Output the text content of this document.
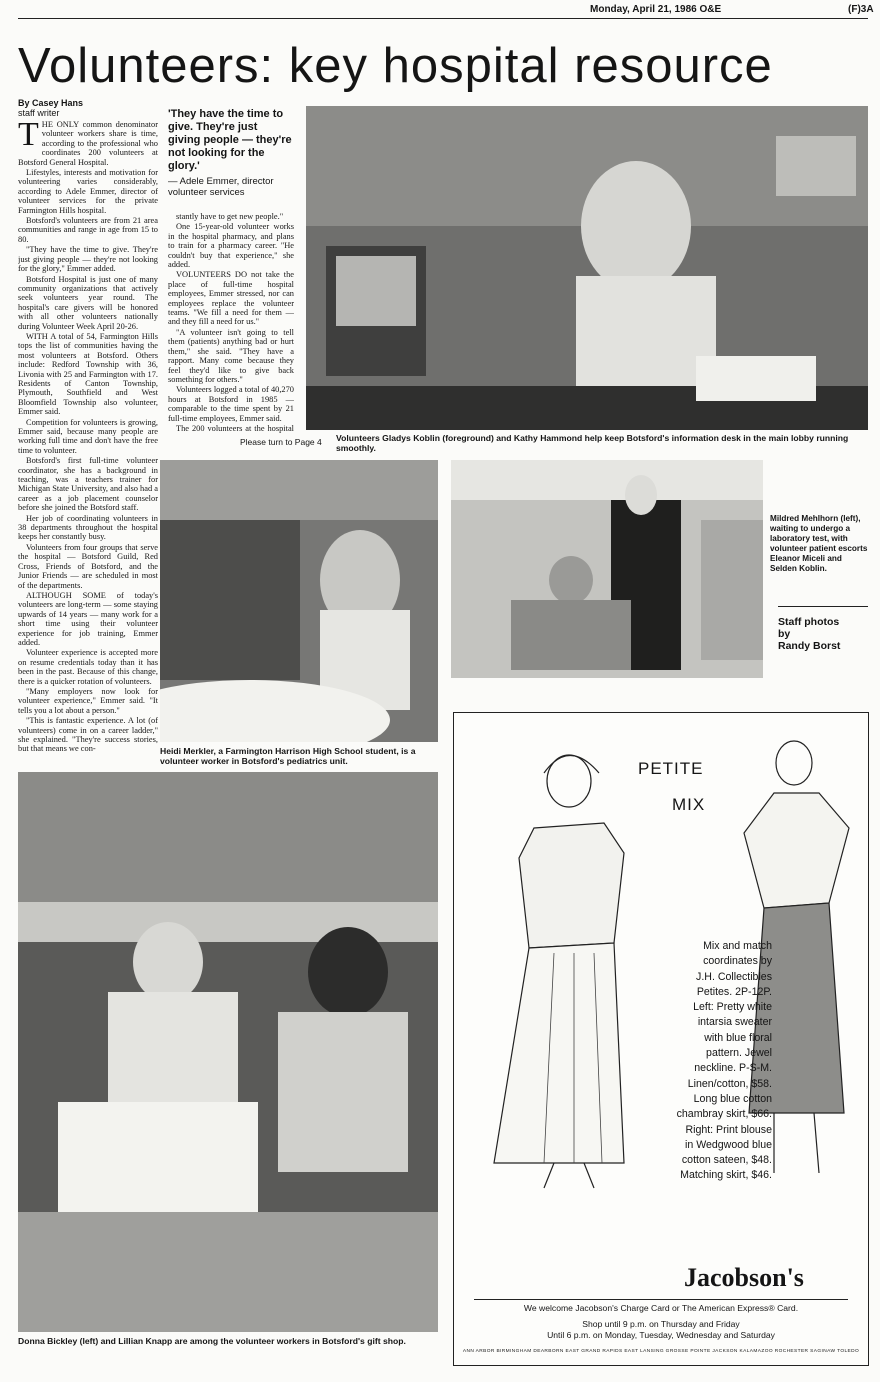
Monday, April 21, 1986 O&E	(F)3A
Volunteers: key hospital resource
By Casey Hans
staff writer
T HE ONLY common denominator volunteer workers share is time, according to the professional who coordinates 200 volunteers at Botsford General Hospital.

Lifestyles, interests and motivation for volunteering varies considerably, according to Adele Emmer, director of volunteer services for the private Farmington Hills hospital.

Botsford's volunteers are from 21 area communities and range in age from 15 to 80.

"They have the time to give. They're just giving people — they're not looking for the glory," Emmer added.

Botsford Hospital is just one of many community organizations that actively seek volunteers year round. The hospital's care givers will be honored with all other volunteers nationally during Volunteer Week April 20-26.

WITH A total of 54, Farmington Hills tops the list of communities having the most volunteers at Botsford. Others include: Redford Township with 36, Livonia with 25 and Farmington with 17. Residents of Canton Township, Plymouth, Southfield and West Bloomfield Township also volunteer, Emmer said.

Competition for volunteers is growing, Emmer said, because many people are working full time and don't have the free time to volunteer.

Botsford's first full-time volunteer coordinator, she has a background in teaching, was a teachers trainer for Michigan State University, and also had a career as a job placement counselor before she joined the Botsford staff.

Her job of coordinating volunteers in 38 departments throughout the hospital keeps her constantly busy.

Volunteers from four groups that serve the hospital — Botsford Guild, Red Cross, Friends of Botsford, and the Junior Friends — are scheduled in most of the departments.

ALTHOUGH SOME of today's volunteers are long-term — some staying upwards of 14 years — many work for a short time using their volunteer experience for job training, Emmer added.

Volunteer experience is accepted more on resume credentials today than it has been in the past. Because of this change, there is a quicker rotation of volunteers.

"Many employers now look for volunteer experience," Emmer said. "It tells you a lot about a person."

"This is fantastic experience. A lot (of volunteers) come in on a career ladder," she explained. "They're success stories, but that means we con-

'They have the time to give. They're just giving people — they're not looking for the glory.'
— Adele Emmer, director volunteer services

stantly have to get new people."

One 15-year-old volunteer works in the hospital pharmacy, and plans to train for a pharmacy career. "He couldn't buy that experience," she added.

VOLUNTEERS DO not take the place of full-time hospital employees, Emmer stressed, nor can employees replace the volunteer teams. "We fill a need for them — and they fill a need for us."

"A volunteer isn't going to tell them (patients) anything bad or hurt them," she said. "They have a rapport. Many come because they feel they'd like to give back something for others."

Volunteers logged a total of 40,270 hours at Botsford in 1985 — comparable to the time spent by 21 full-time employees, Emmer said.

The 200 volunteers at the hospital

Please turn to Page 4 Volunteers Gladys Koblin (foreground) and Kathy Hammond help keep Botsford's information desk in the main lobby running smoothly.
Heidi Merkler, a Farmington Harrison High School student, is a volunteer worker in Botsford's pediatrics unit.
Mildred Mehlhorn (left), waiting to undergo a laboratory test, with volunteer patient escorts Eleanor Miceli and Selden Koblin.
Staff photos
by
Randy Borst
Donna Bickley (left) and Lillian Knapp are among the volunteer workers in Botsford's gift shop.
PETITE
MIX
Mix and match
coordinates by
J.H. Collectibles
Petites. 2P-12P.
Left: Pretty white
intarsia sweater
with blue floral
pattern. Jewel
neckline. P-S-M.
Linen/cotton, $58.
Long blue cotton
chambray skirt, $66.
Right: Print blouse
in Wedgwood blue
cotton sateen, $48.
Matching skirt, $46.
Jacobson's
We welcome Jacobson's Charge Card or The American Express® Card.
Shop until 9 p.m. on Thursday and Friday
Until 6 p.m. on Monday, Tuesday, Wednesday and Saturday
ANN ARBOR BIRMINGHAM DEARBORN EAST GRAND RAPIDS EAST LANSING GROSSE POINTE JACKSON KALAMAZOO ROCHESTER SAGINAW TOLEDO
